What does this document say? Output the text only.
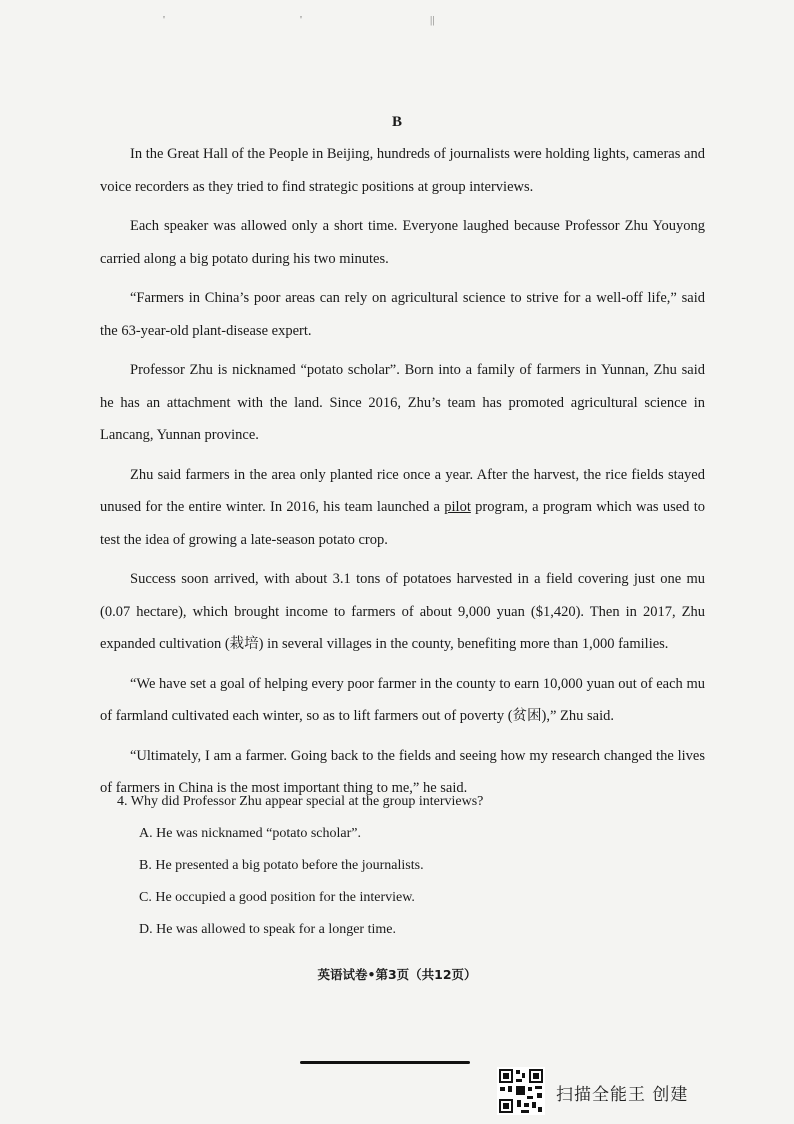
'	'	||
B

In the Great Hall of the People in Beijing, hundreds of journalists were holding lights, cameras and voice recorders as they tried to find strategic positions at group interviews.

Each speaker was allowed only a short time. Everyone laughed because Professor Zhu Youyong carried along a big potato during his two minutes.

“Farmers in China’s poor areas can rely on agricultural science to strive for a well-off life,” said the 63-year-old plant-disease expert.

Professor Zhu is nicknamed “potato scholar”. Born into a family of farmers in Yunnan, Zhu said he has an attachment with the land. Since 2016, Zhu’s team has promoted agricultural science in Lancang, Yunnan province.

Zhu said farmers in the area only planted rice once a year. After the harvest, the rice fields stayed unused for the entire winter. In 2016, his team launched a pilot program, a program which was used to test the idea of growing a late-season potato crop.

Success soon arrived, with about 3.1 tons of potatoes harvested in a field covering just one mu (0.07 hectare), which brought income to farmers of about 9,000 yuan ($1,420). Then in 2017, Zhu expanded cultivation (栽培) in several villages in the county, benefiting more than 1,000 families.

“We have set a goal of helping every poor farmer in the county to earn 10,000 yuan out of each mu of farmland cultivated each winter, so as to lift farmers out of poverty (贫困),” Zhu said.

“Ultimately, I am a farmer. Going back to the fields and seeing how my research changed the lives of farmers in China is the most important thing to me,” he said.

4. Why did Professor Zhu appear special at the group interviews?
A. He was nicknamed “potato scholar”.
B. He presented a big potato before the journalists.
C. He occupied a good position for the interview.
D. He was allowed to speak for a longer time.
英语试卷•第3页（共12页）
扫描全能王 创建
